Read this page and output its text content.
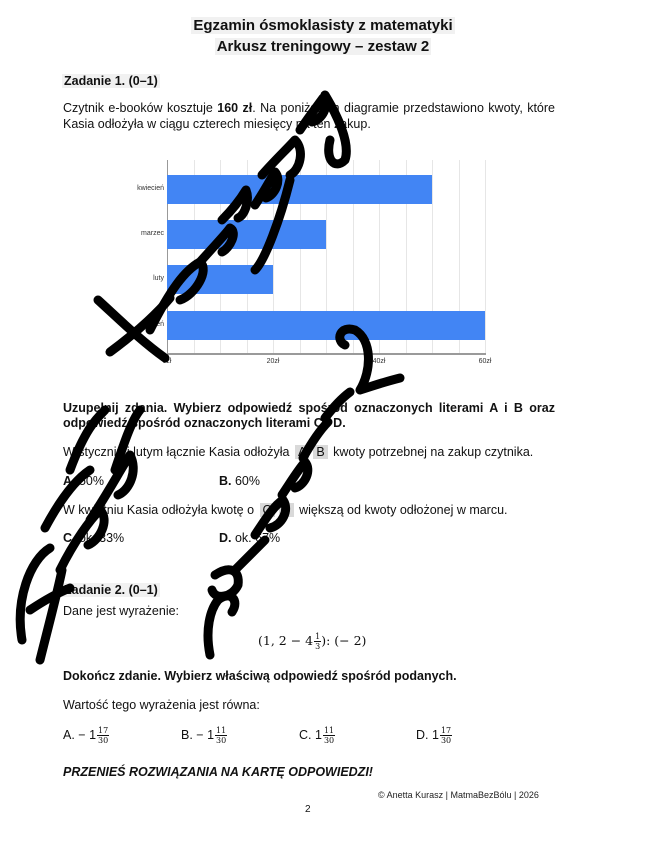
Egzamin ósmoklasisty z matematyki
Arkusz treningowy – zestaw 2
Zadanie 1. (0–1)
Czytnik e-booków kosztuje 160 zł. Na poniższym diagramie przedstawiono kwoty, które
Kasia odłożyła w ciągu czterech miesięcy na ten zakup.
kwiecień
marzec
luty
styczeń
0zł	20zł	40zł	60zł
Uzupełnij zdania. Wybierz odpowiedź spośród oznaczonych literami A i B oraz
odpowiedź spośród oznaczonych literami C i D.
W styczniu i lutym łącznie Kasia odłożyła A B kwoty potrzebnej na zakup czytnika.
A. 50%	B. 60%
W kwietniu Kasia odłożyła kwotę o C D większą od kwoty odłożonej w marcu.
C. ok. 33%	D. ok. 67%
Zadanie 2. (0–1)
Dane jest wyrażenie:
(1, $2 - 4 \frac{1}{3}$ ): (− 2)
Dokończ zdanie. Wybierz właściwą odpowiedź spośród podanych.
Wartość tego wyrażenia jest równa:
A. − $1 \frac{17}{30}$	B. − $1 \frac{11}{30}$	C. $1 \frac{11}{30}$	D. $1 \frac{17}{30}$
PRZENIEŚ ROZWIĄZANIA NA KARTĘ ODPOWIEDZI!
© Anetta Kurasz | MatmaBezBólu | 2026
2
